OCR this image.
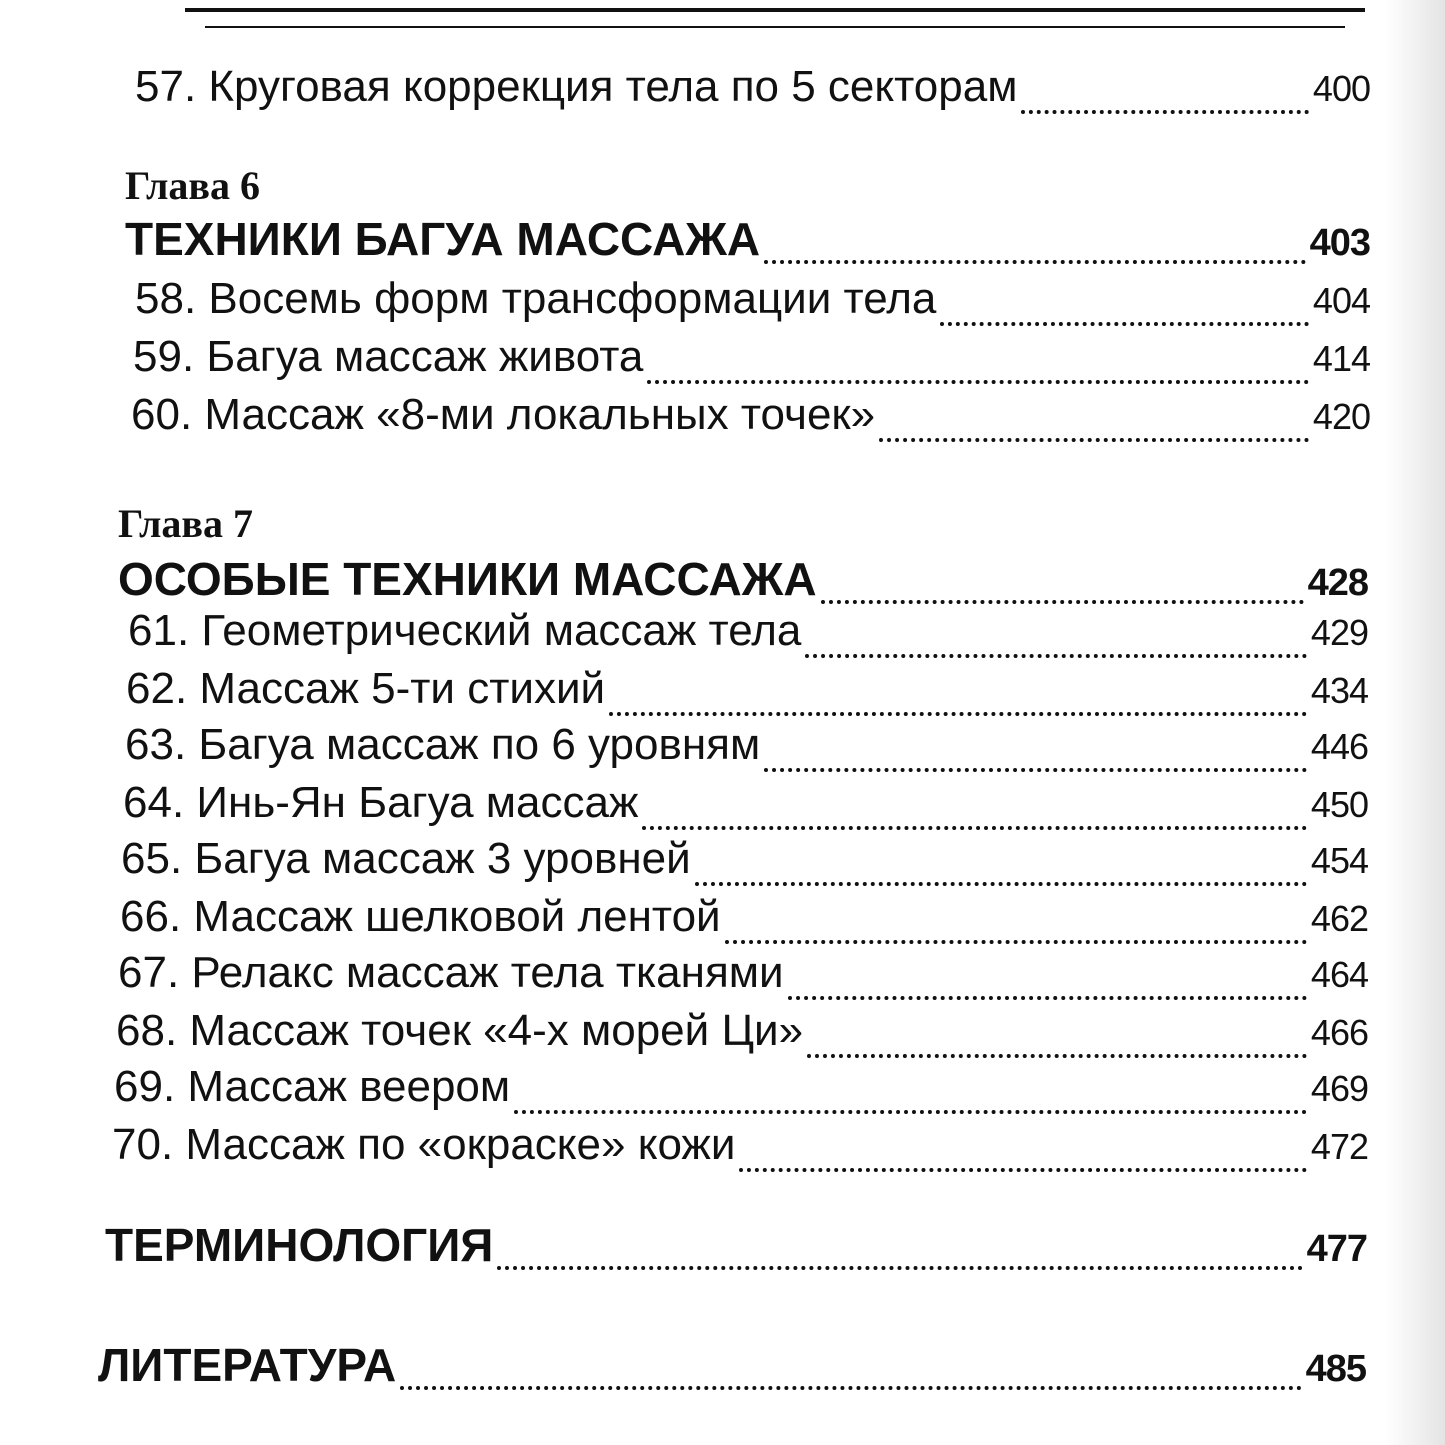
57. Круговая коррекция тела по 5 секторам	400
Глава 6
ТЕХНИКИ БАГУА МАССАЖА	403
58. Восемь форм трансформации тела	404
59. Багуа массаж живота	414
60. Массаж «8-ми локальных точек»	420
Глава 7
ОСОБЫЕ ТЕХНИКИ МАССАЖА	428
61. Геометрический массаж тела	429
62. Массаж 5-ти стихий	434
63. Багуа массаж по 6 уровням	446
64. Инь-Ян Багуа массаж	450
65. Багуа массаж 3 уровней	454
66. Массаж шелковой лентой	462
67. Релакс массаж тела тканями	464
68. Массаж точек «4-х морей Ци»	466
69. Массаж веером	469
70. Массаж по «окраске» кожи	472
ТЕРМИНОЛОГИЯ	477
ЛИТЕРАТУРА	485
